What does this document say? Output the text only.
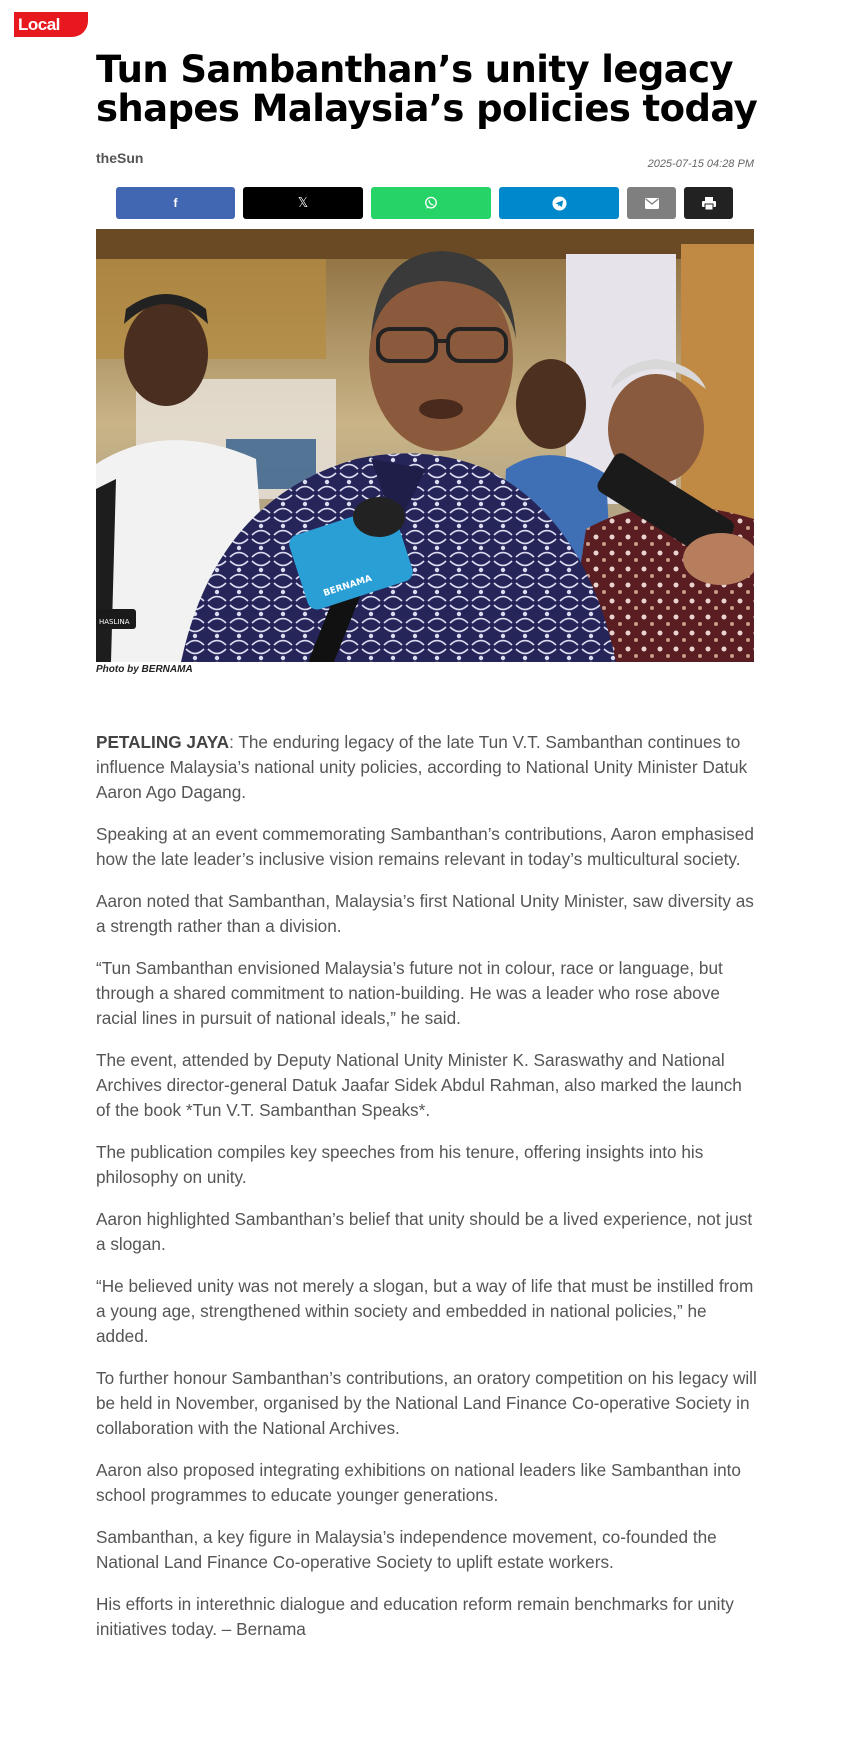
Local
Tun Sambanthan’s unity legacy shapes Malaysia’s policies today
theSun	2025-07-15 04:28 PM
f	𝕏
HASLINA
BERNAMA
Photo by BERNAMA

PETALING JAYA: The enduring legacy of the late Tun V.T. Sambanthan continues to influence Malaysia’s national unity policies, according to National Unity Minister Datuk Aaron Ago Dagang.

Speaking at an event commemorating Sambanthan’s contributions, Aaron emphasised how the late leader’s inclusive vision remains relevant in today’s multicultural society.

Aaron noted that Sambanthan, Malaysia’s first National Unity Minister, saw diversity as a strength rather than a division.

“Tun Sambanthan envisioned Malaysia’s future not in colour, race or language, but through a shared commitment to nation-building. He was a leader who rose above racial lines in pursuit of national ideals,” he said.

The event, attended by Deputy National Unity Minister K. Saraswathy and National Archives director-general Datuk Jaafar Sidek Abdul Rahman, also marked the launch of the book *Tun V.T. Sambanthan Speaks*.

The publication compiles key speeches from his tenure, offering insights into his philosophy on unity.

Aaron highlighted Sambanthan’s belief that unity should be a lived experience, not just a slogan.

“He believed unity was not merely a slogan, but a way of life that must be instilled from a young age, strengthened within society and embedded in national policies,” he added.

To further honour Sambanthan’s contributions, an oratory competition on his legacy will be held in November, organised by the National Land Finance Co-operative Society in collaboration with the National Archives.

Aaron also proposed integrating exhibitions on national leaders like Sambanthan into school programmes to educate younger generations.

Sambanthan, a key figure in Malaysia’s independence movement, co-founded the National Land Finance Co-operative Society to uplift estate workers.

His efforts in interethnic dialogue and education reform remain benchmarks for unity initiatives today. – Bernama
